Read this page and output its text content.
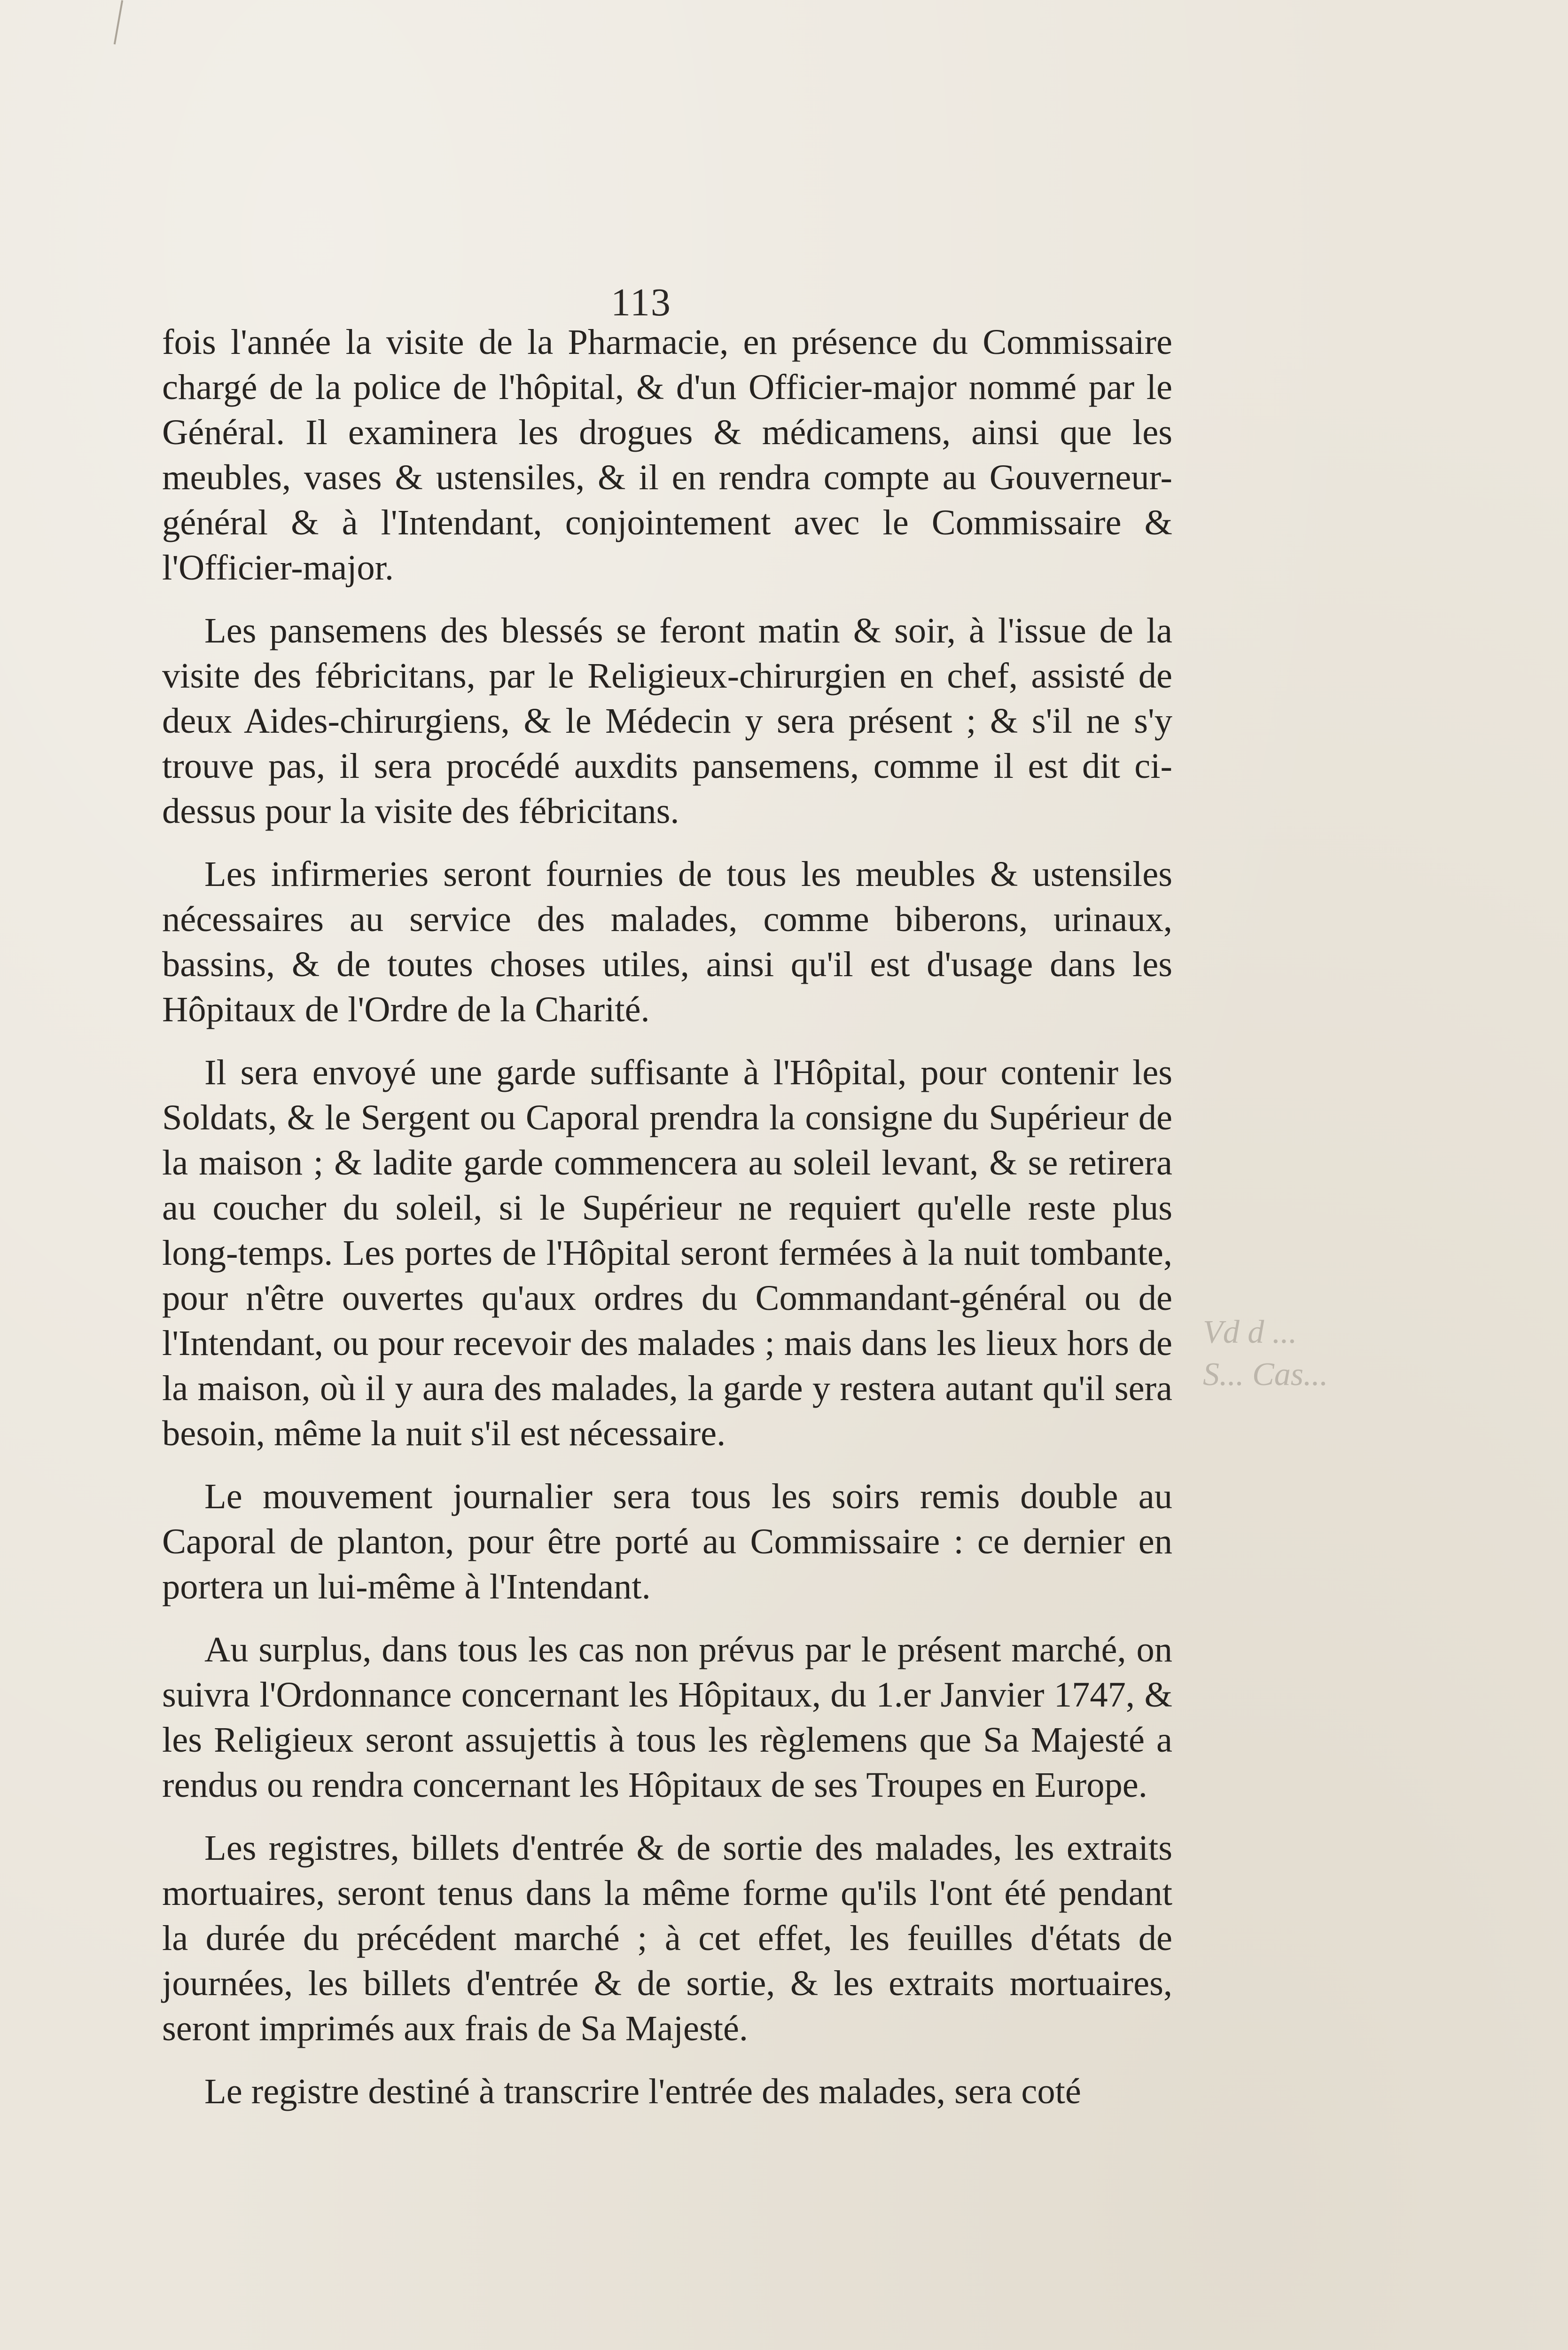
113

fois l'année la visite de la Pharmacie, en présence du Commissaire chargé de la police de l'hôpital, & d'un Officier-major nommé par le Général. Il examinera les drogues & médicamens, ainsi que les meubles, vases & ustensiles, & il en rendra compte au Gouverneur-général & à l'Intendant, conjointement avec le Commissaire & l'Officier-major.

Les pansemens des blessés se feront matin & soir, à l'issue de la visite des fébricitans, par le Religieux-chirurgien en chef, assisté de deux Aides-chirurgiens, & le Médecin y sera présent ; & s'il ne s'y trouve pas, il sera procédé auxdits pansemens, comme il est dit ci-dessus pour la visite des fébricitans.

Les infirmeries seront fournies de tous les meubles & ustensiles nécessaires au service des malades, comme biberons, urinaux, bassins, & de toutes choses utiles, ainsi qu'il est d'usage dans les Hôpitaux de l'Ordre de la Charité.

Il sera envoyé une garde suffisante à l'Hôpital, pour contenir les Soldats, & le Sergent ou Caporal prendra la consigne du Supérieur de la maison ; & ladite garde commencera au soleil levant, & se retirera au coucher du soleil, si le Supérieur ne requiert qu'elle reste plus long-temps. Les portes de l'Hôpital seront fermées à la nuit tombante, pour n'être ouvertes qu'aux ordres du Commandant-général ou de l'Intendant, ou pour recevoir des malades ; mais dans les lieux hors de la maison, où il y aura des malades, la garde y restera autant qu'il sera besoin, même la nuit s'il est nécessaire.

Le mouvement journalier sera tous les soirs remis double au Caporal de planton, pour être porté au Commissaire : ce dernier en portera un lui-même à l'Intendant.

Au surplus, dans tous les cas non prévus par le présent marché, on suivra l'Ordonnance concernant les Hôpitaux, du 1.er Janvier 1747, & les Religieux seront assujettis à tous les règlemens que Sa Majesté a rendus ou rendra concernant les Hôpitaux de ses Troupes en Europe.

Les registres, billets d'entrée & de sortie des malades, les extraits mortuaires, seront tenus dans la même forme qu'ils l'ont été pendant la durée du précédent marché ; à cet effet, les feuilles d'états de journées, les billets d'entrée & de sortie, & les extraits mortuaires, seront imprimés aux frais de Sa Majesté.

Le registre destiné à transcrire l'entrée des malades, sera coté

Vd d ...
S... Cas...
